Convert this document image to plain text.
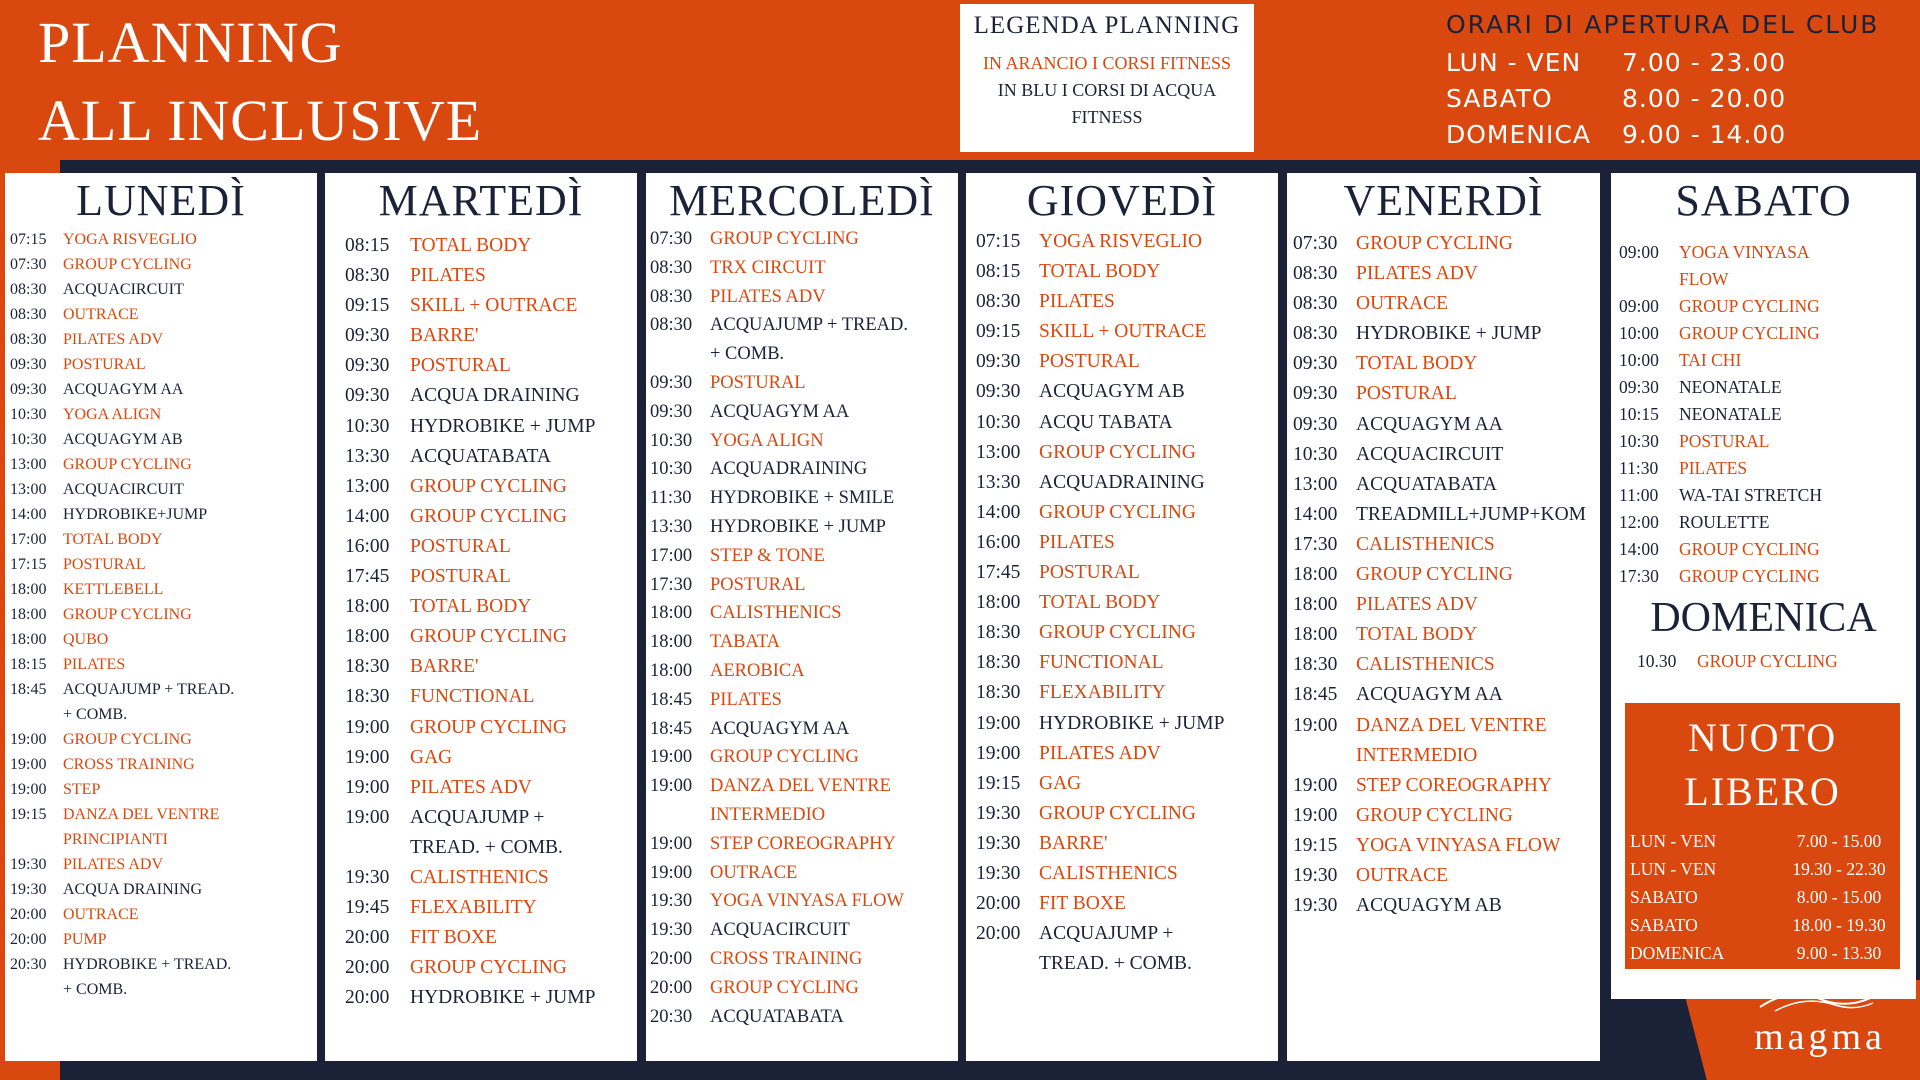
PLANNING
ALL INCLUSIVE
LEGENDA PLANNING
IN ARANCIO I CORSI FITNESS
IN BLU I CORSI DI ACQUA
FITNESS
ORARI DI APERTURA DEL CLUB
LUN - VEN	7.00 - 23.00
SABATO	8.00 - 20.00
DOMENICA	9.00 - 14.00
LUNEDÌ
07:15	YOGA RISVEGLIO
07:30	GROUP CYCLING
08:30	ACQUACIRCUIT
08:30	OUTRACE
08:30	PILATES ADV
09:30	POSTURAL
09:30	ACQUAGYM AA
10:30	YOGA ALIGN
10:30	ACQUAGYM AB
13:00	GROUP CYCLING
13:00	ACQUACIRCUIT
14:00	HYDROBIKE+JUMP
17:00	TOTAL BODY
17:15	POSTURAL
18:00	KETTLEBELL
18:00	GROUP CYCLING
18:00	QUBO
18:15	PILATES
18:45	ACQUAJUMP + TREAD.
+ COMB.
19:00	GROUP CYCLING
19:00	CROSS TRAINING
19:00	STEP
19:15	DANZA DEL VENTRE
PRINCIPIANTI
19:30	PILATES ADV
19:30	ACQUA DRAINING
20:00	OUTRACE
20:00	PUMP
20:30	HYDROBIKE + TREAD.
+ COMB.
MARTEDÌ
08:15	TOTAL BODY
08:30	PILATES
09:15	SKILL + OUTRACE
09:30	BARRE'
09:30	POSTURAL
09:30	ACQUA DRAINING
10:30	HYDROBIKE + JUMP
13:30	ACQUATABATA
13:00	GROUP CYCLING
14:00	GROUP CYCLING
16:00	POSTURAL
17:45	POSTURAL
18:00	TOTAL BODY
18:00	GROUP CYCLING
18:30	BARRE'
18:30	FUNCTIONAL
19:00	GROUP CYCLING
19:00	GAG
19:00	PILATES ADV
19:00	ACQUAJUMP +
TREAD. + COMB.
19:30	CALISTHENICS
19:45	FLEXABILITY
20:00	FIT BOXE
20:00	GROUP CYCLING
20:00	HYDROBIKE + JUMP
MERCOLEDÌ
07:30 GROUP CYCLING
08:30 TRX CIRCUIT
08:30 PILATES ADV
08:30 ACQUAJUMP + TREAD.
+ COMB.
09:30 POSTURAL
09:30 ACQUAGYM AA
10:30 YOGA ALIGN
10:30 ACQUADRAINING
11:30	HYDROBIKE + SMILE
13:30 HYDROBIKE + JUMP
17:00 STEP & TONE
17:30 POSTURAL
18:00 CALISTHENICS
18:00 TABATA
18:00 AEROBICA
18:45 PILATES
18:45 ACQUAGYM AA
19:00 GROUP CYCLING
19:00 DANZA DEL VENTRE
INTERMEDIO
19:00 STEP COREOGRAPHY
19:00 OUTRACE
19:30 YOGA VINYASA FLOW
19:30 ACQUACIRCUIT
20:00 CROSS TRAINING
20:00 GROUP CYCLING
20:30 ACQUATABATA
GIOVEDÌ
07:15 YOGA RISVEGLIO
08:15 TOTAL BODY
08:30 PILATES
09:15 SKILL + OUTRACE
09:30 POSTURAL
09:30 ACQUAGYM AB
10:30 ACQU TABATA
13:00 GROUP CYCLING
13:30 ACQUADRAINING
14:00 GROUP CYCLING
16:00 PILATES
17:45 POSTURAL
18:00 TOTAL BODY
18:30 GROUP CYCLING
18:30 FUNCTIONAL
18:30 FLEXABILITY
19:00 HYDROBIKE + JUMP
19:00 PILATES ADV
19:15 GAG
19:30 GROUP CYCLING
19:30 BARRE'
19:30 CALISTHENICS
20:00 FIT BOXE
20:00 ACQUAJUMP +
TREAD. + COMB.
VENERDÌ
07:30 GROUP CYCLING
08:30 PILATES ADV
08:30 OUTRACE
08:30 HYDROBIKE + JUMP
09:30 TOTAL BODY
09:30 POSTURAL
09:30 ACQUAGYM AA
10:30 ACQUACIRCUIT
13:00 ACQUATABATA
14:00 TREADMILL+JUMP+KOM
17:30 CALISTHENICS
18:00 GROUP CYCLING
18:00 PILATES ADV
18:00 TOTAL BODY
18:30 CALISTHENICS
18:45 ACQUAGYM AA
19:00 DANZA DEL VENTRE
INTERMEDIO
19:00 STEP COREOGRAPHY
19:00 GROUP CYCLING
19:15 YOGA VINYASA FLOW
19:30 OUTRACE
19:30 ACQUAGYM AB
SABATO
09:00	YOGA VINYASA
FLOW
09:00	GROUP CYCLING
10:00	GROUP CYCLING
10:00	TAI CHI
09:30	NEONATALE
10:15	NEONATALE
10:30	POSTURAL
11:30	PILATES
11:00	WA-TAI STRETCH
12:00	ROULETTE
14:00	GROUP CYCLING
17:30	GROUP CYCLING
DOMENICA
10.30	GROUP CYCLING
NUOTO
LIBERO
LUN - VEN	7.00 - 15.00
LUN - VEN	19.30 - 22.30
SABATO	8.00 - 15.00
SABATO	18.00 - 19.30
DOMENICA	9.00 - 13.30
magma
